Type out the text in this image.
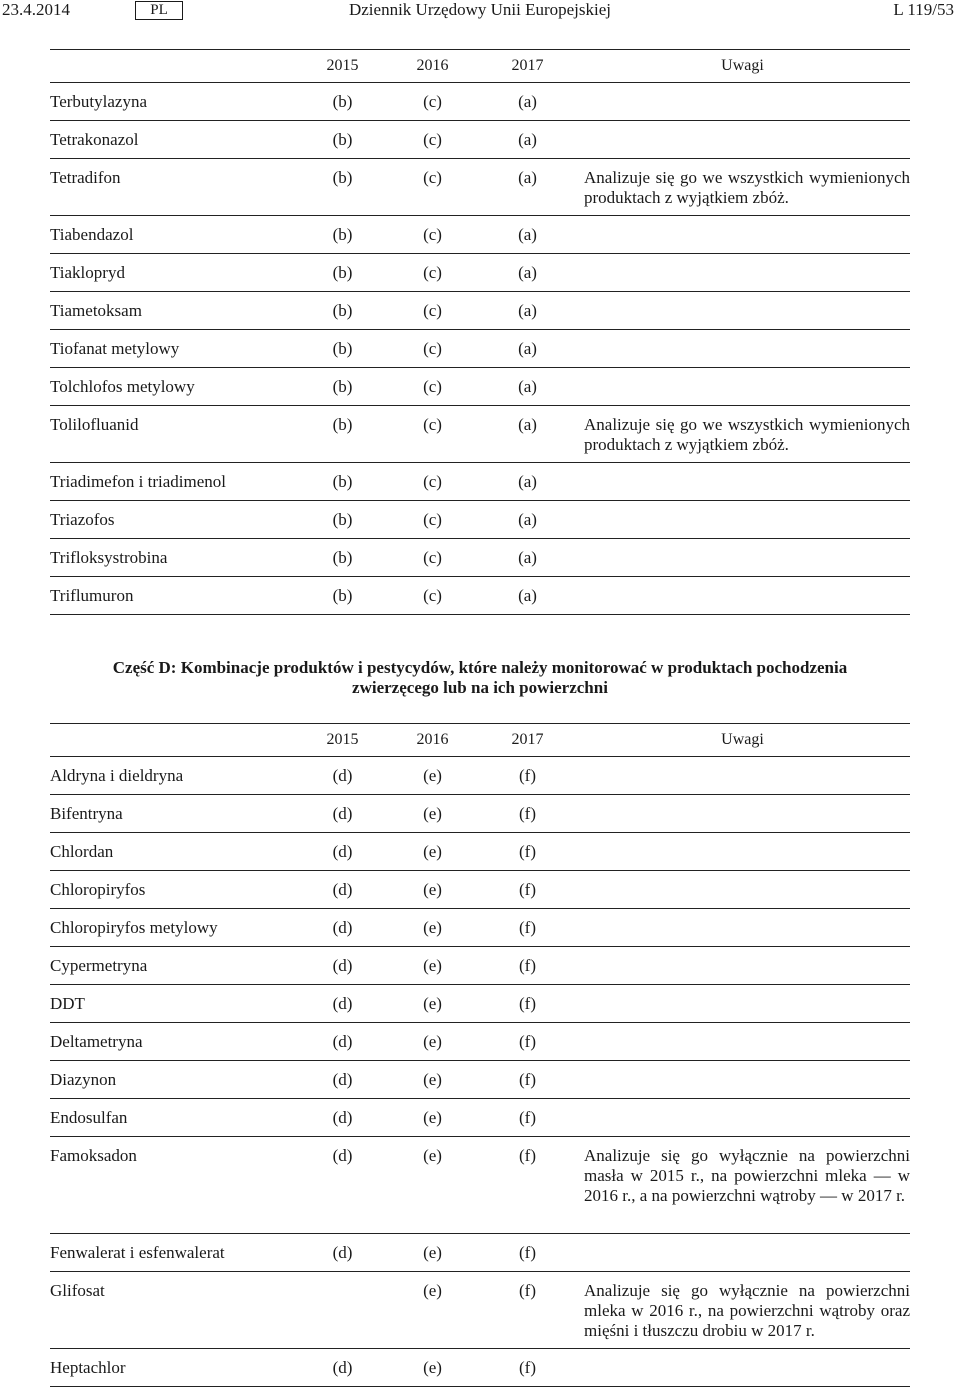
23.4.2014	PL	Dziennik Urzędowy Unii Europejskiej	L 119/53
	2015	2016	2017	Uwagi
Terbutylazyna	(b)	(c)	(a)	
Tetrakonazol	(b)	(c)	(a)	
Tetradifon	(b)	(c)	(a)	Analizuje się go we wszystkich wymienionych produktach z wyjątkiem zbóż.
Tiabendazol	(b)	(c)	(a)	
Tiaklopryd	(b)	(c)	(a)	
Tiametoksam	(b)	(c)	(a)	
Tiofanat metylowy	(b)	(c)	(a)	
Tolchlofos metylowy	(b)	(c)	(a)	
Tolilofluanid	(b)	(c)	(a)	Analizuje się go we wszystkich wymienionych produktach z wyjątkiem zbóż.
Triadimefon i triadimenol	(b)	(c)	(a)	
Triazofos	(b)	(c)	(a)	
Trifloksystrobina	(b)	(c)	(a)	
Triflumuron	(b)	(c)	(a)	
Część D: Kombinacje produktów i pestycydów, które należy monitorować w produktach pochodzenia zwierzęcego lub na ich powierzchni
	2015	2016	2017	Uwagi
Aldryna i dieldryna	(d)	(e)	(f)	
Bifentryna	(d)	(e)	(f)	
Chlordan	(d)	(e)	(f)	
Chloropiryfos	(d)	(e)	(f)	
Chloropiryfos metylowy	(d)	(e)	(f)	
Cypermetryna	(d)	(e)	(f)	
DDT	(d)	(e)	(f)	
Deltametryna	(d)	(e)	(f)	
Diazynon	(d)	(e)	(f)	
Endosulfan	(d)	(e)	(f)	
Famoksadon	(d)	(e)	(f)	Analizuje się go wyłącznie na powierzchni masła w 2015 r., na powierzchni mleka — w 2016 r., a na powierzchni wątroby — w 2017 r.
Fenwalerat i esfenwalerat	(d)	(e)	(f)	
Glifosat		(e)	(f)	Analizuje się go wyłącznie na powierzchni mleka w 2016 r., na powierzchni wątroby oraz mięśni i tłuszczu drobiu w 2017 r.
Heptachlor	(d)	(e)	(f)	
